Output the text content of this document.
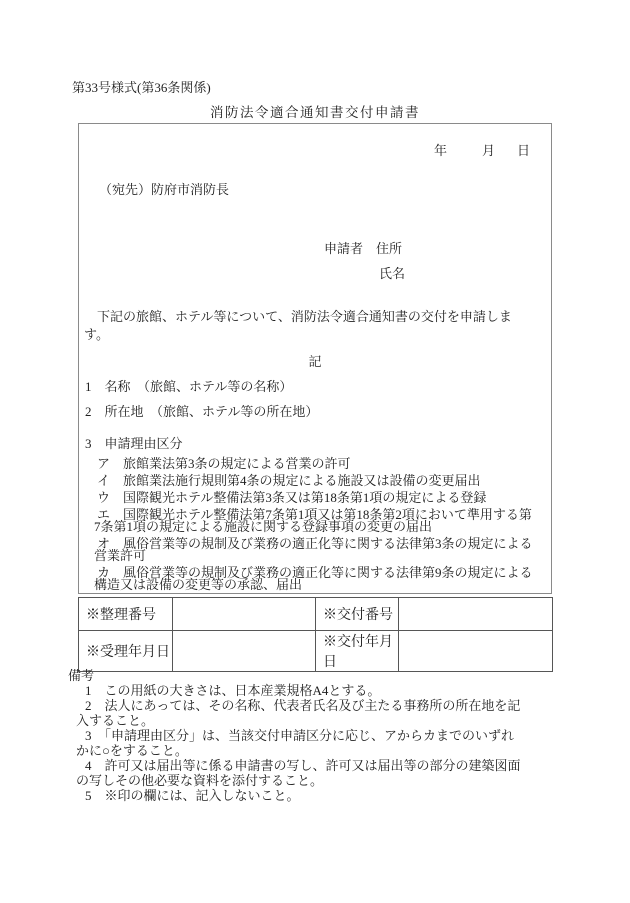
第33号様式(第36条関係)
消防法令適合通知書交付申請書
年	月 日
（宛先）防府市消防長
申請者　住所
氏名
　下記の旅館、ホテル等について、消防法令適合通知書の交付を申請しま
す。
記
1　名称　（旅館、ホテル等の名称）
2　所在地　（旅館、ホテル等の所在地）
3　申請理由区分
ア　旅館業法第3条の規定による営業の許可
イ　旅館業法施行規則第4条の規定による施設又は設備の変更届出
ウ　国際観光ホテル整備法第3条又は第18条第1項の規定による登録
エ　国際観光ホテル整備法第7条第1項又は第18条第2項において準用する第
7条第1項の規定による施設に関する登録事項の変更の届出
オ　風俗営業等の規制及び業務の適正化等に関する法律第3条の規定による
営業許可
カ　風俗営業等の規制及び業務の適正化等に関する法律第9条の規定による
構造又は設備の変更等の承認、届出
※整理番号		※交付番号	
※受理年月日		※交付年月日	
備考
1　この用紙の大きさは、日本産業規格A4とする。
2　法人にあっては、その名称、代表者氏名及び主たる事務所の所在地を記
入すること。
3　「申請理由区分」は、当該交付申請区分に応じ、アからカまでのいずれ
かに○をすること。
4　許可又は届出等に係る申請書の写し、許可又は届出等の部分の建築図面
の写しその他必要な資料を添付すること。
5　※印の欄には、記入しないこと。
